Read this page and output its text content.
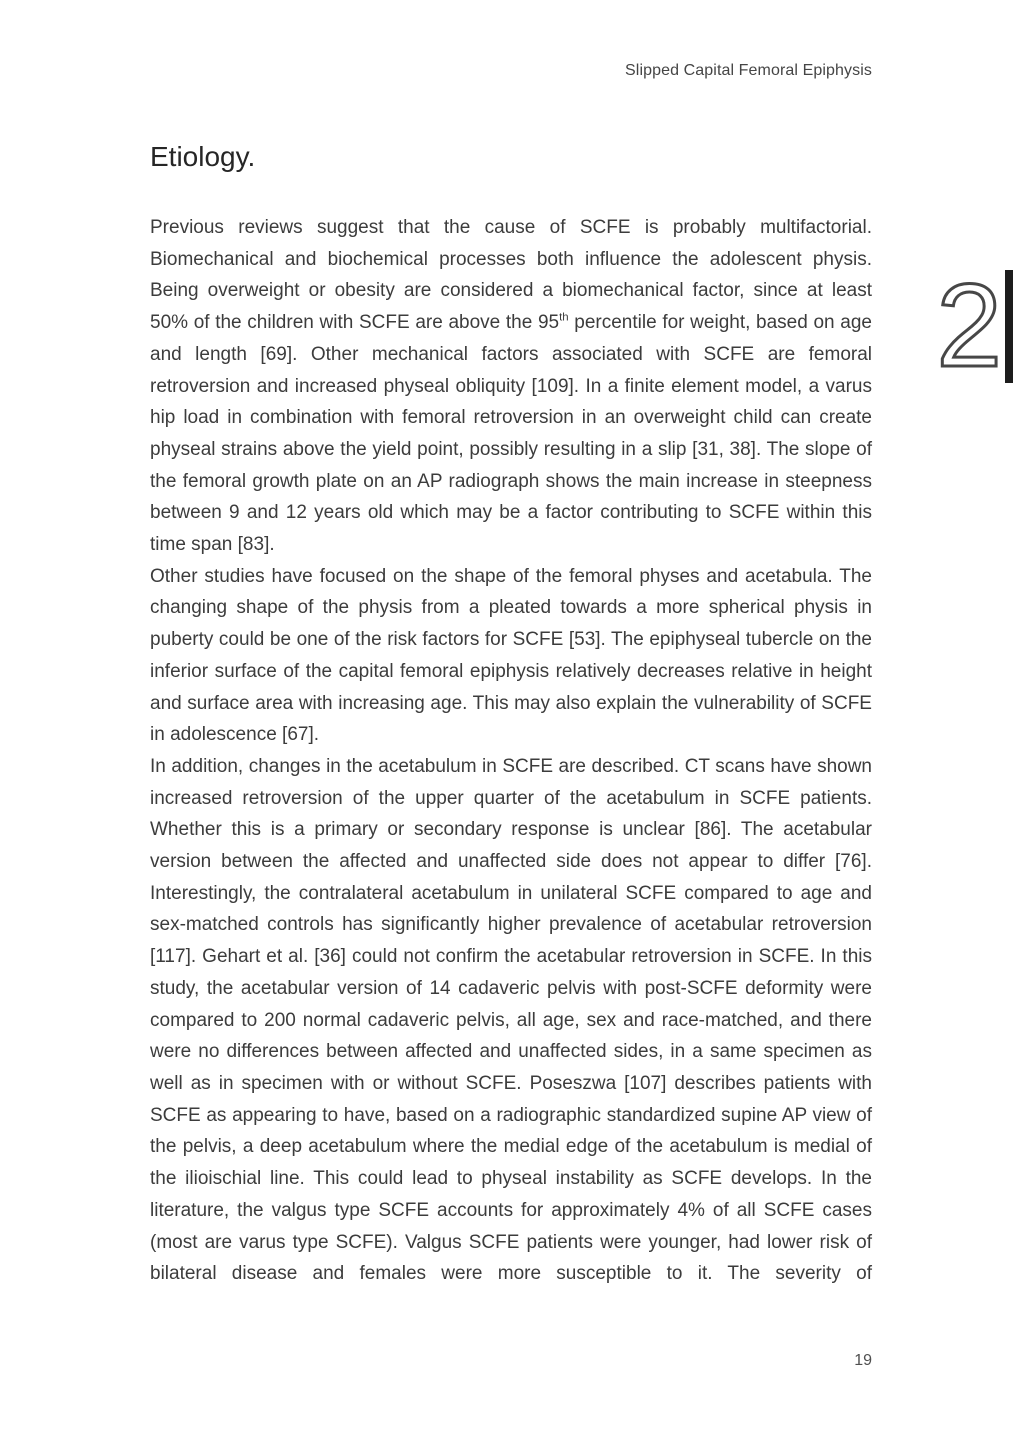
Slipped Capital Femoral Epiphysis
2
Etiology.

Previous reviews suggest that the cause of SCFE is probably multifactorial. Biomechanical and biochemical processes both influence the adolescent physis. Being overweight or obesity are considered a biomechanical factor, since at least 50% of the children with SCFE are above the 95th percentile for weight, based on age and length [69]. Other mechanical factors associated with SCFE are femoral retroversion and increased physeal obliquity [109]. In a finite element model, a varus hip load in combination with femoral retroversion in an overweight child can create physeal strains above the yield point, possibly resulting in a slip [31, 38]. The slope of the femoral growth plate on an AP radiograph shows the main increase in steepness between 9 and 12 years old which may be a factor contributing to SCFE within this time span [83].

Other studies have focused on the shape of the femoral physes and acetabula. The changing shape of the physis from a pleated towards a more spherical physis in puberty could be one of the risk factors for SCFE [53]. The epiphyseal tubercle on the inferior surface of the capital femoral epiphysis relatively decreases relative in height and surface area with increasing age. This may also explain the vulnerability of SCFE in adolescence [67].

In addition, changes in the acetabulum in SCFE are described. CT scans have shown increased retroversion of the upper quarter of the acetabulum in SCFE patients. Whether this is a primary or secondary response is unclear [86]. The acetabular version between the affected and unaffected side does not appear to differ [76]. Interestingly, the contralateral acetabulum in unilateral SCFE compared to age and sex-matched controls has significantly higher prevalence of acetabular retroversion [117]. Gehart et al. [36] could not confirm the acetabular retroversion in SCFE. In this study, the acetabular version of 14 cadaveric pelvis with post-SCFE deformity were compared to 200 normal cadaveric pelvis, all age, sex and race-matched, and there were no differences between affected and unaffected sides, in a same specimen as well as in specimen with or without SCFE. Poseszwa [107] describes patients with SCFE as appearing to have, based on a radiographic standardized supine AP view of the pelvis, a deep acetabulum where the medial edge of the acetabulum is medial of the ilioischial line. This could lead to physeal instability as SCFE develops. In the literature, the valgus type SCFE accounts for approximately 4% of all SCFE cases (most are varus type SCFE). Valgus SCFE patients were younger, had lower risk of bilateral disease and females were more susceptible to it. The severity of

19
